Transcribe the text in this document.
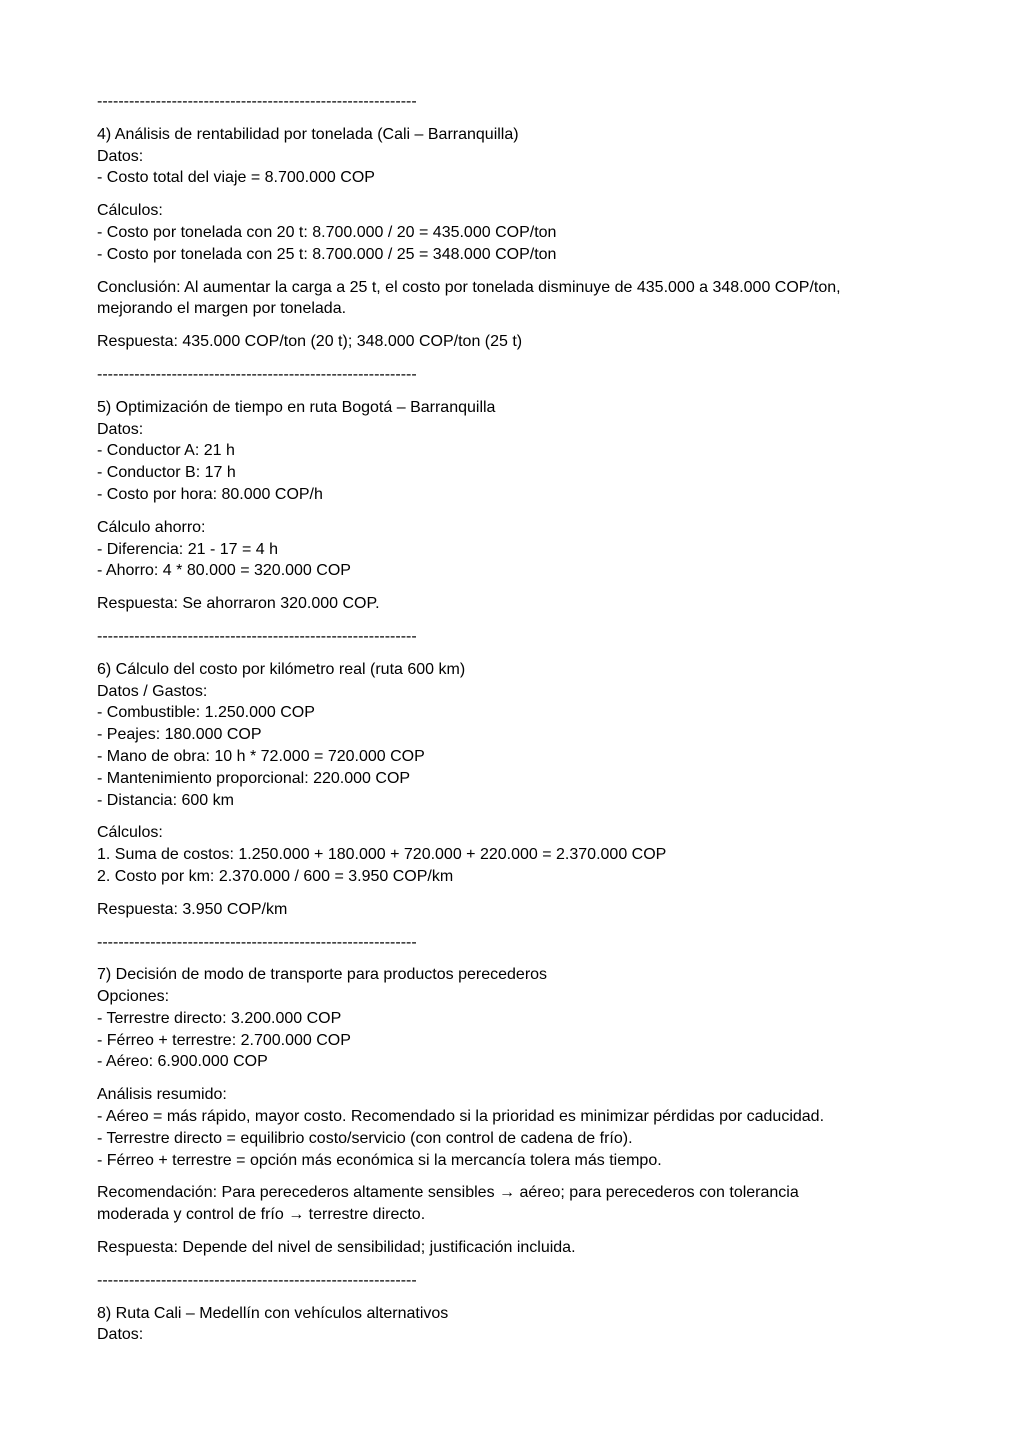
------------------------------------------------------------
4) Análisis de rentabilidad por tonelada (Cali – Barranquilla)
Datos:
- Costo total del viaje = 8.700.000 COP
Cálculos:
- Costo por tonelada con 20 t: 8.700.000 / 20 = 435.000 COP/ton
- Costo por tonelada con 25 t: 8.700.000 / 25 = 348.000 COP/ton
Conclusión: Al aumentar la carga a 25 t, el costo por tonelada disminuye de 435.000 a 348.000 COP/ton,
mejorando el margen por tonelada.
Respuesta: 435.000 COP/ton (20 t); 348.000 COP/ton (25 t)
------------------------------------------------------------
5) Optimización de tiempo en ruta Bogotá – Barranquilla
Datos:
- Conductor A: 21 h
- Conductor B: 17 h
- Costo por hora: 80.000 COP/h
Cálculo ahorro:
- Diferencia: 21 - 17 = 4 h
- Ahorro: 4 * 80.000 = 320.000 COP
Respuesta: Se ahorraron 320.000 COP.
------------------------------------------------------------
6) Cálculo del costo por kilómetro real (ruta 600 km)
Datos / Gastos:
- Combustible: 1.250.000 COP
- Peajes: 180.000 COP
- Mano de obra: 10 h * 72.000 = 720.000 COP
- Mantenimiento proporcional: 220.000 COP
- Distancia: 600 km
Cálculos:
1. Suma de costos: 1.250.000 + 180.000 + 720.000 + 220.000 = 2.370.000 COP
2. Costo por km: 2.370.000 / 600 = 3.950 COP/km
Respuesta: 3.950 COP/km
------------------------------------------------------------
7) Decisión de modo de transporte para productos perecederos
Opciones:
- Terrestre directo: 3.200.000 COP
- Férreo + terrestre: 2.700.000 COP
- Aéreo: 6.900.000 COP
Análisis resumido:
- Aéreo = más rápido, mayor costo. Recomendado si la prioridad es minimizar pérdidas por caducidad.
- Terrestre directo = equilibrio costo/servicio (con control de cadena de frío).
- Férreo + terrestre = opción más económica si la mercancía tolera más tiempo.
Recomendación: Para perecederos altamente sensibles → aéreo; para perecederos con tolerancia
moderada y control de frío → terrestre directo.
Respuesta: Depende del nivel de sensibilidad; justificación incluida.
------------------------------------------------------------
8) Ruta Cali – Medellín con vehículos alternativos
Datos:
